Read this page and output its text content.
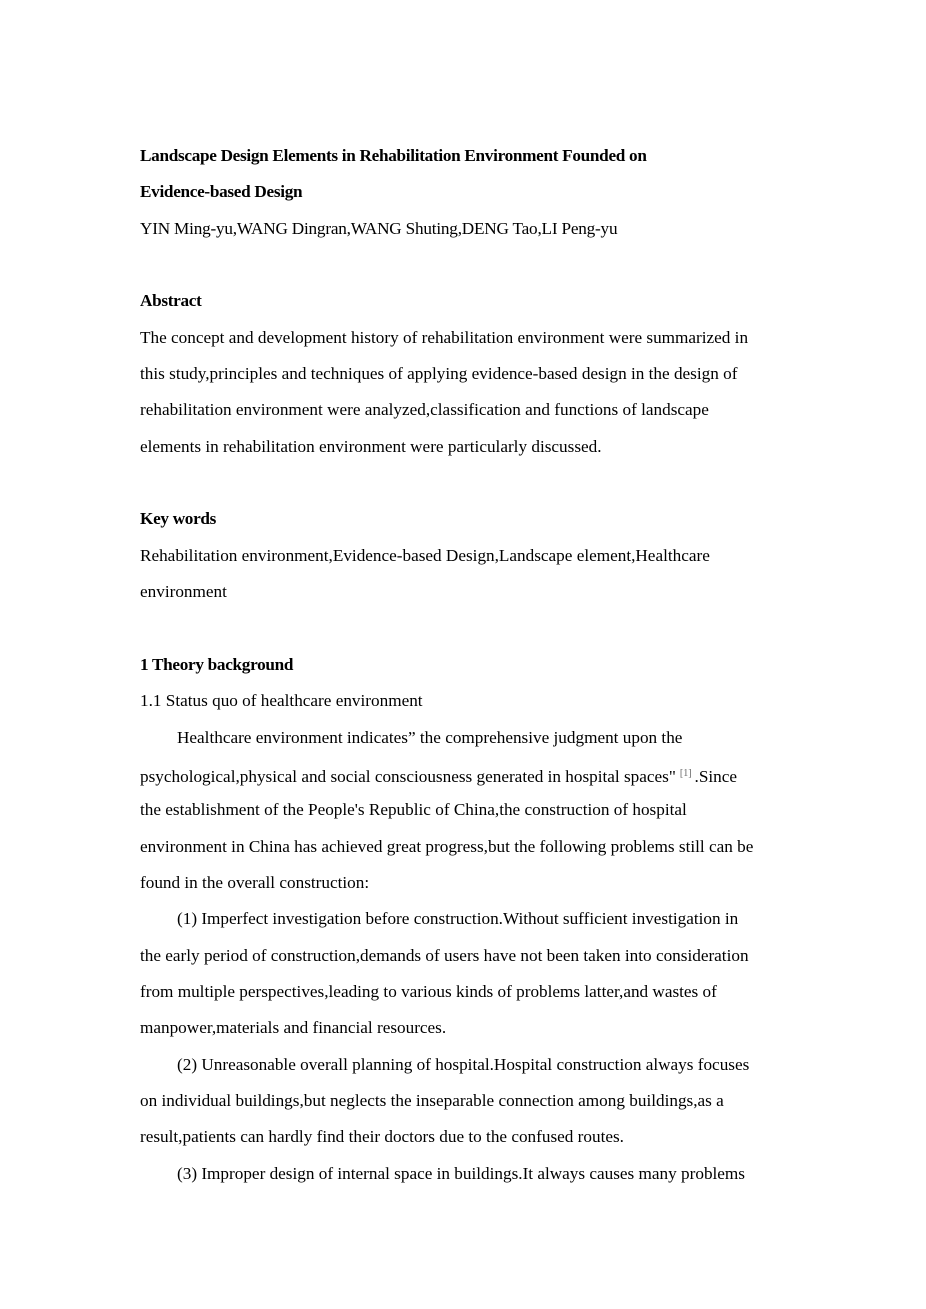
Landscape Design Elements in Rehabilitation Environment Founded on
Evidence-based Design
YIN Ming-yu,WANG Dingran,WANG Shuting,DENG Tao,LI Peng-yu
Abstract
The concept and development history of rehabilitation environment were summarized in
this study,principles and techniques of applying evidence-based design in the design of
rehabilitation environment were analyzed,classification and functions of landscape
elements in rehabilitation environment were particularly discussed.
Key words
Rehabilitation environment,Evidence-based Design,Landscape element,Healthcare
environment
1 Theory background
1.1 Status quo of healthcare environment
Healthcare environment indicates” the comprehensive judgment upon the
psychological,physical and social consciousness generated in hospital spaces" [1] .Since
the establishment of the People's Republic of China,the construction of hospital
environment in China has achieved great progress,but the following problems still can be
found in the overall construction:
(1) Imperfect investigation before construction.Without sufficient investigation in
the early period of construction,demands of users have not been taken into consideration
from multiple perspectives,leading to various kinds of problems latter,and wastes of
manpower,materials and financial resources.
(2) Unreasonable overall planning of hospital.Hospital construction always focuses
on individual buildings,but neglects the inseparable connection among buildings,as a
result,patients can hardly find their doctors due to the confused routes.
(3) Improper design of internal space in buildings.It always causes many problems
